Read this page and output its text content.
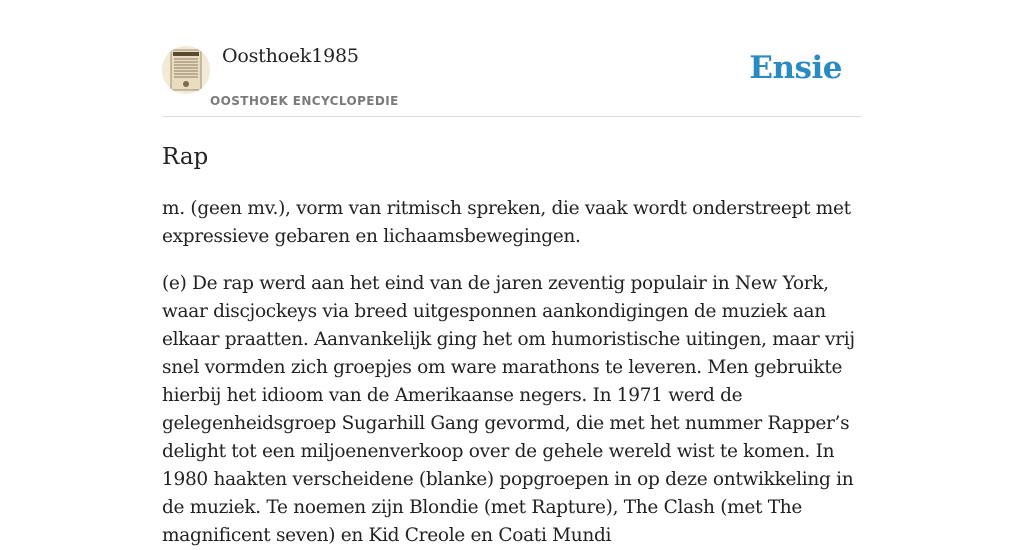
Oosthoek1985
OOSTHOEK ENCYCLOPEDIE
Ensie
Rap

m. (geen mv.), vorm van ritmisch spreken, die vaak wordt onderstreept met expressieve gebaren en lichaamsbewegingen.

(e) De rap werd aan het eind van de jaren zeventig populair in New York, waar discjockeys via breed uitgesponnen aankondigingen de muziek aan elkaar praatten. Aanvankelijk ging het om humoristische uitingen, maar vrij snel vormden zich groepjes om ware marathons te leveren. Men gebruikte hierbij het idioom van de Amerikaanse negers. In 1971 werd de gelegenheidsgroep Sugarhill Gang gevormd, die met het nummer Rapper’s delight tot een miljoenenverkoop over de gehele wereld wist te komen. In 1980 haakten verscheidene (blanke) popgroepen in op deze ontwikkeling in de muziek. Te noemen zijn Blondie (met Rapture), The Clash (met The magnificent seven) en Kid Creole en Coati Mundi
